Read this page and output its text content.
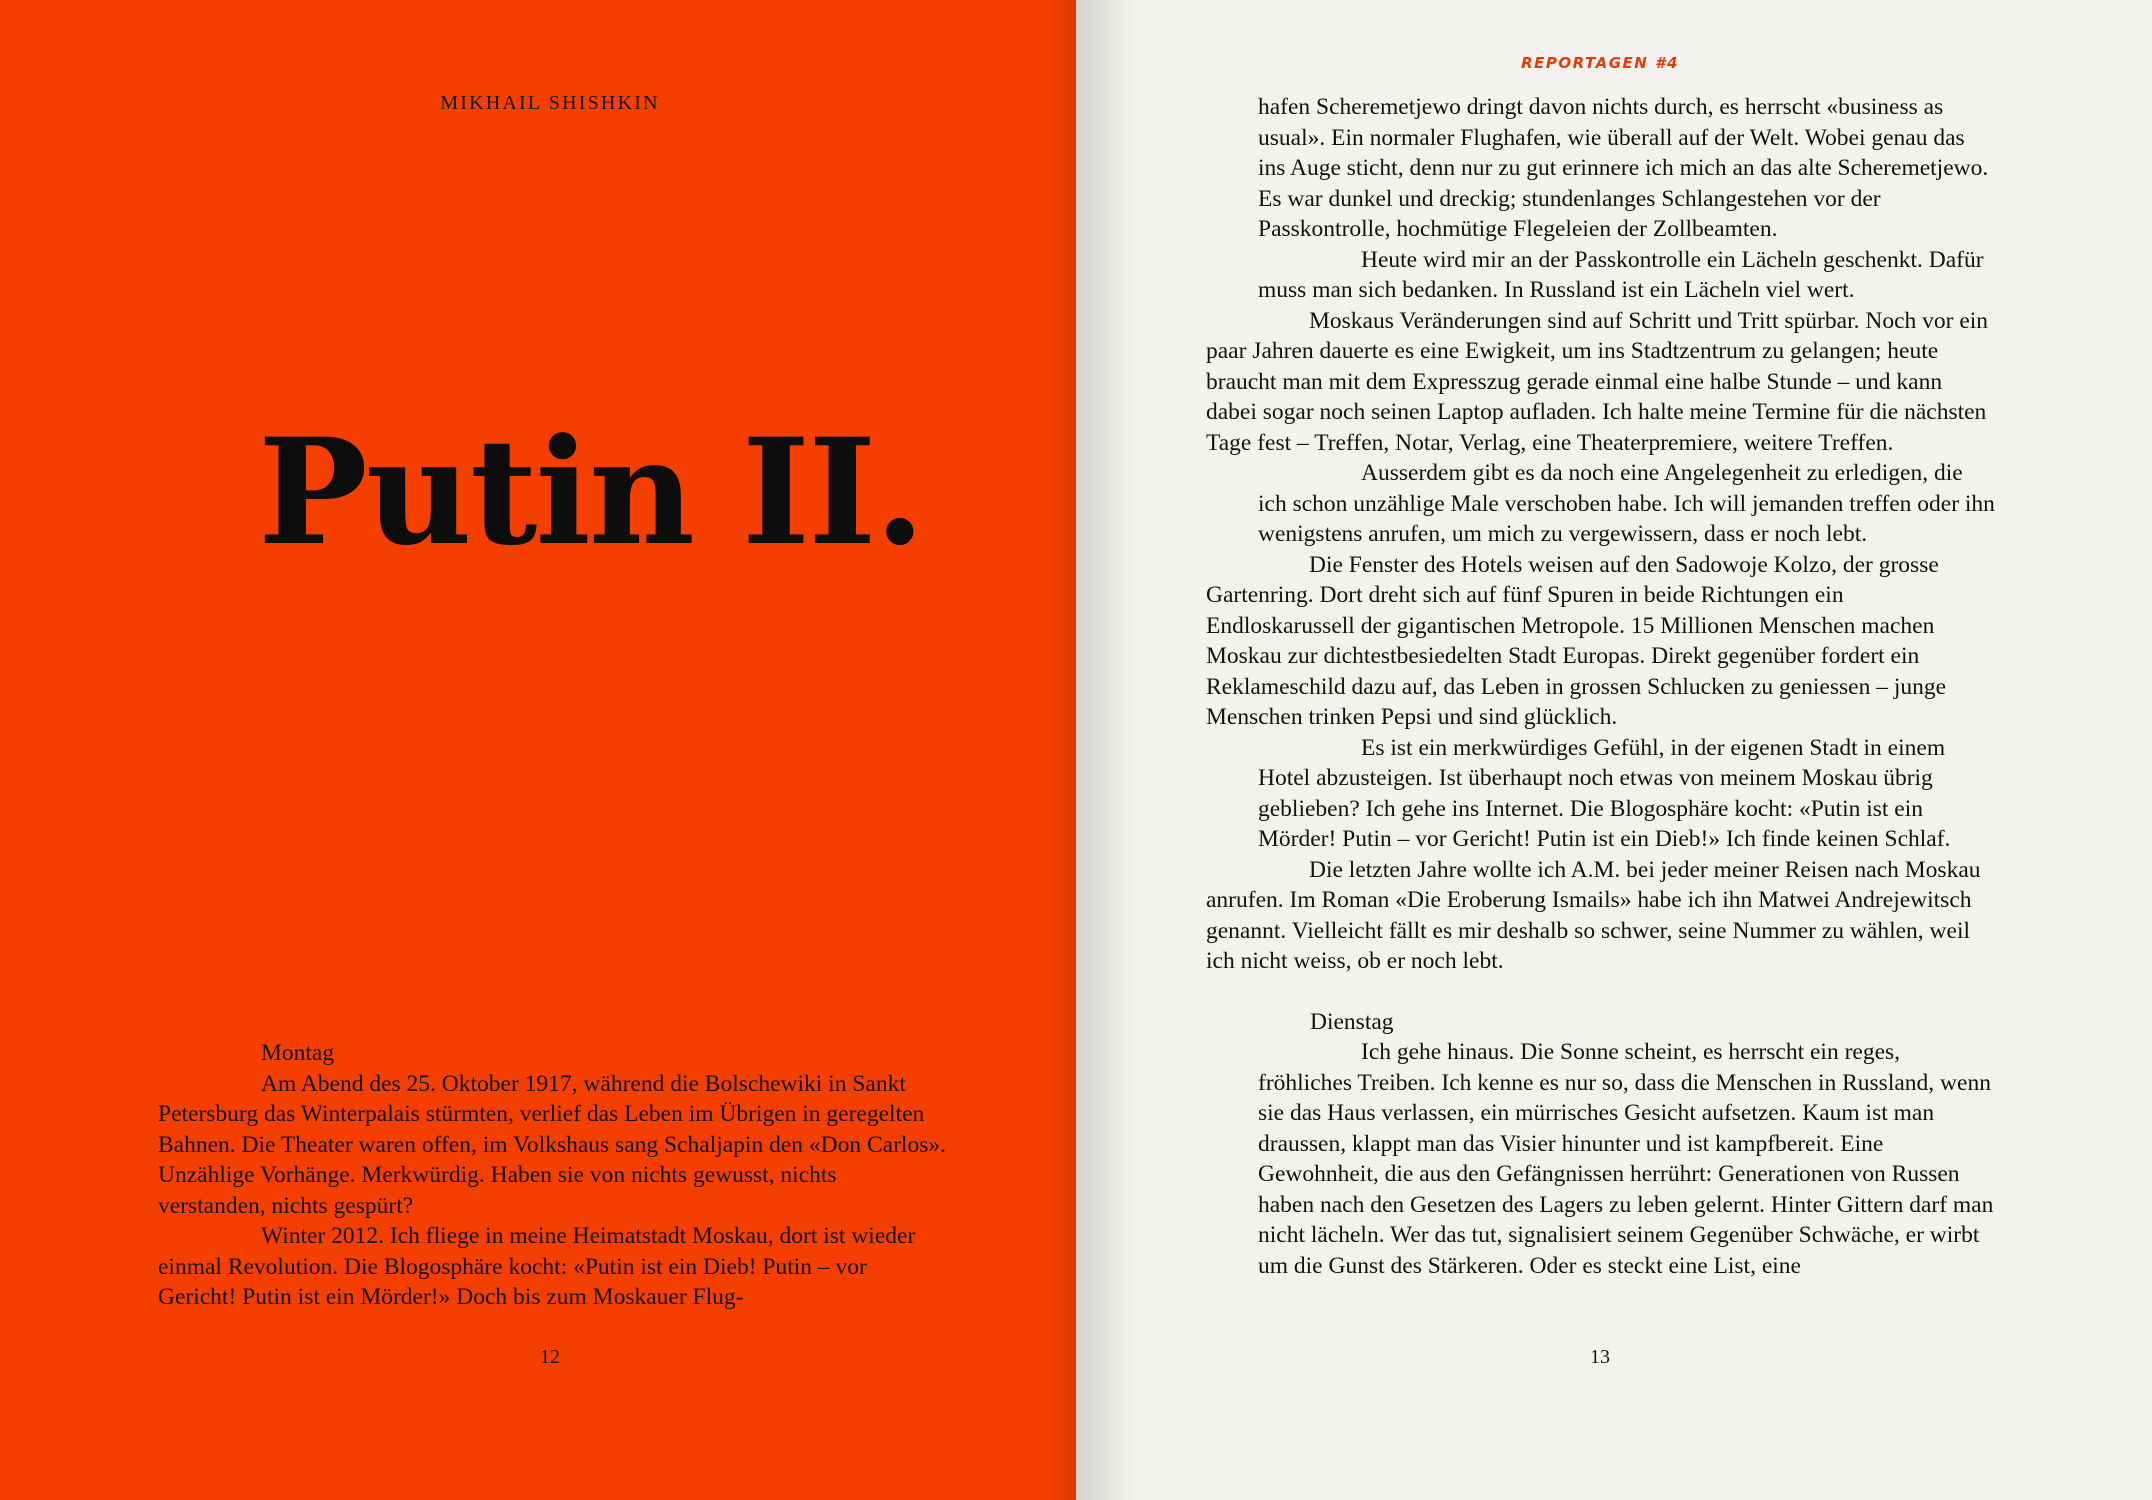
MIKHAIL SHISHKIN
Putin II.

Montag

Am Abend des 25. Oktober 1917, während die Bolschewiki in Sankt Petersburg das Winterpalais stürmten, verlief das Leben im Übrigen in geregelten Bahnen. Die Theater waren offen, im Volkshaus sang Schaljapin den «Don Carlos». Unzählige Vorhänge. Merkwürdig. Haben sie von nichts gewusst, nichts verstanden, nichts gespürt?

Winter 2012. Ich fliege in meine Heimatstadt Moskau, dort ist wieder einmal Revolution. Die Blogosphäre kocht: «Putin ist ein Dieb! Putin – vor Gericht! Putin ist ein Mörder!» Doch bis zum Moskauer Flug-

12

REPORTAGEN #4

hafen Scheremetjewo dringt davon nichts durch, es herrscht «business as usual». Ein normaler Flughafen, wie überall auf der Welt. Wobei genau das ins Auge sticht, denn nur zu gut erinnere ich mich an das alte Scheremetjewo. Es war dunkel und dreckig; stundenlanges Schlangestehen vor der Passkontrolle, hochmütige Flegeleien der Zollbeamten.

Heute wird mir an der Passkontrolle ein Lächeln geschenkt. Dafür muss man sich bedanken. In Russland ist ein Lächeln viel wert.

Moskaus Veränderungen sind auf Schritt und Tritt spürbar. Noch vor ein paar Jahren dauerte es eine Ewigkeit, um ins Stadtzentrum zu gelangen; heute braucht man mit dem Expresszug gerade einmal eine halbe Stunde – und kann dabei sogar noch seinen Laptop aufladen. Ich halte meine Termine für die nächsten Tage fest – Treffen, Notar, Verlag, eine Theaterpremiere, weitere Treffen.

Ausserdem gibt es da noch eine Angelegenheit zu erledigen, die ich schon unzählige Male verschoben habe. Ich will jemanden treffen oder ihn wenigstens anrufen, um mich zu vergewissern, dass er noch lebt.

Die Fenster des Hotels weisen auf den Sadowoje Kolzo, der grosse Gartenring. Dort dreht sich auf fünf Spuren in beide Richtungen ein Endloskarussell der gigantischen Metropole. 15 Millionen Menschen machen Moskau zur dichtestbesiedelten Stadt Europas. Direkt gegenüber fordert ein Reklameschild dazu auf, das Leben in grossen Schlucken zu geniessen – junge Menschen trinken Pepsi und sind glücklich.

Es ist ein merkwürdiges Gefühl, in der eigenen Stadt in einem Hotel abzusteigen. Ist überhaupt noch etwas von meinem Moskau übrig geblieben? Ich gehe ins Internet. Die Blogosphäre kocht: «Putin ist ein Mörder! Putin – vor Gericht! Putin ist ein Dieb!» Ich finde keinen Schlaf.

Die letzten Jahre wollte ich A.M. bei jeder meiner Reisen nach Moskau anrufen. Im Roman «Die Eroberung Ismails» habe ich ihn Matwei Andrejewitsch genannt. Vielleicht fällt es mir deshalb so schwer, seine Nummer zu wählen, weil ich nicht weiss, ob er noch lebt.

Dienstag

Ich gehe hinaus. Die Sonne scheint, es herrscht ein reges, fröhliches Treiben. Ich kenne es nur so, dass die Menschen in Russland, wenn sie das Haus verlassen, ein mürrisches Gesicht aufsetzen. Kaum ist man draussen, klappt man das Visier hinunter und ist kampfbereit. Eine Gewohnheit, die aus den Gefängnissen herrührt: Generationen von Russen haben nach den Gesetzen des Lagers zu leben gelernt. Hinter Gittern darf man nicht lächeln. Wer das tut, signalisiert seinem Gegenüber Schwäche, er wirbt um die Gunst des Stärkeren. Oder es steckt eine List, eine

13
